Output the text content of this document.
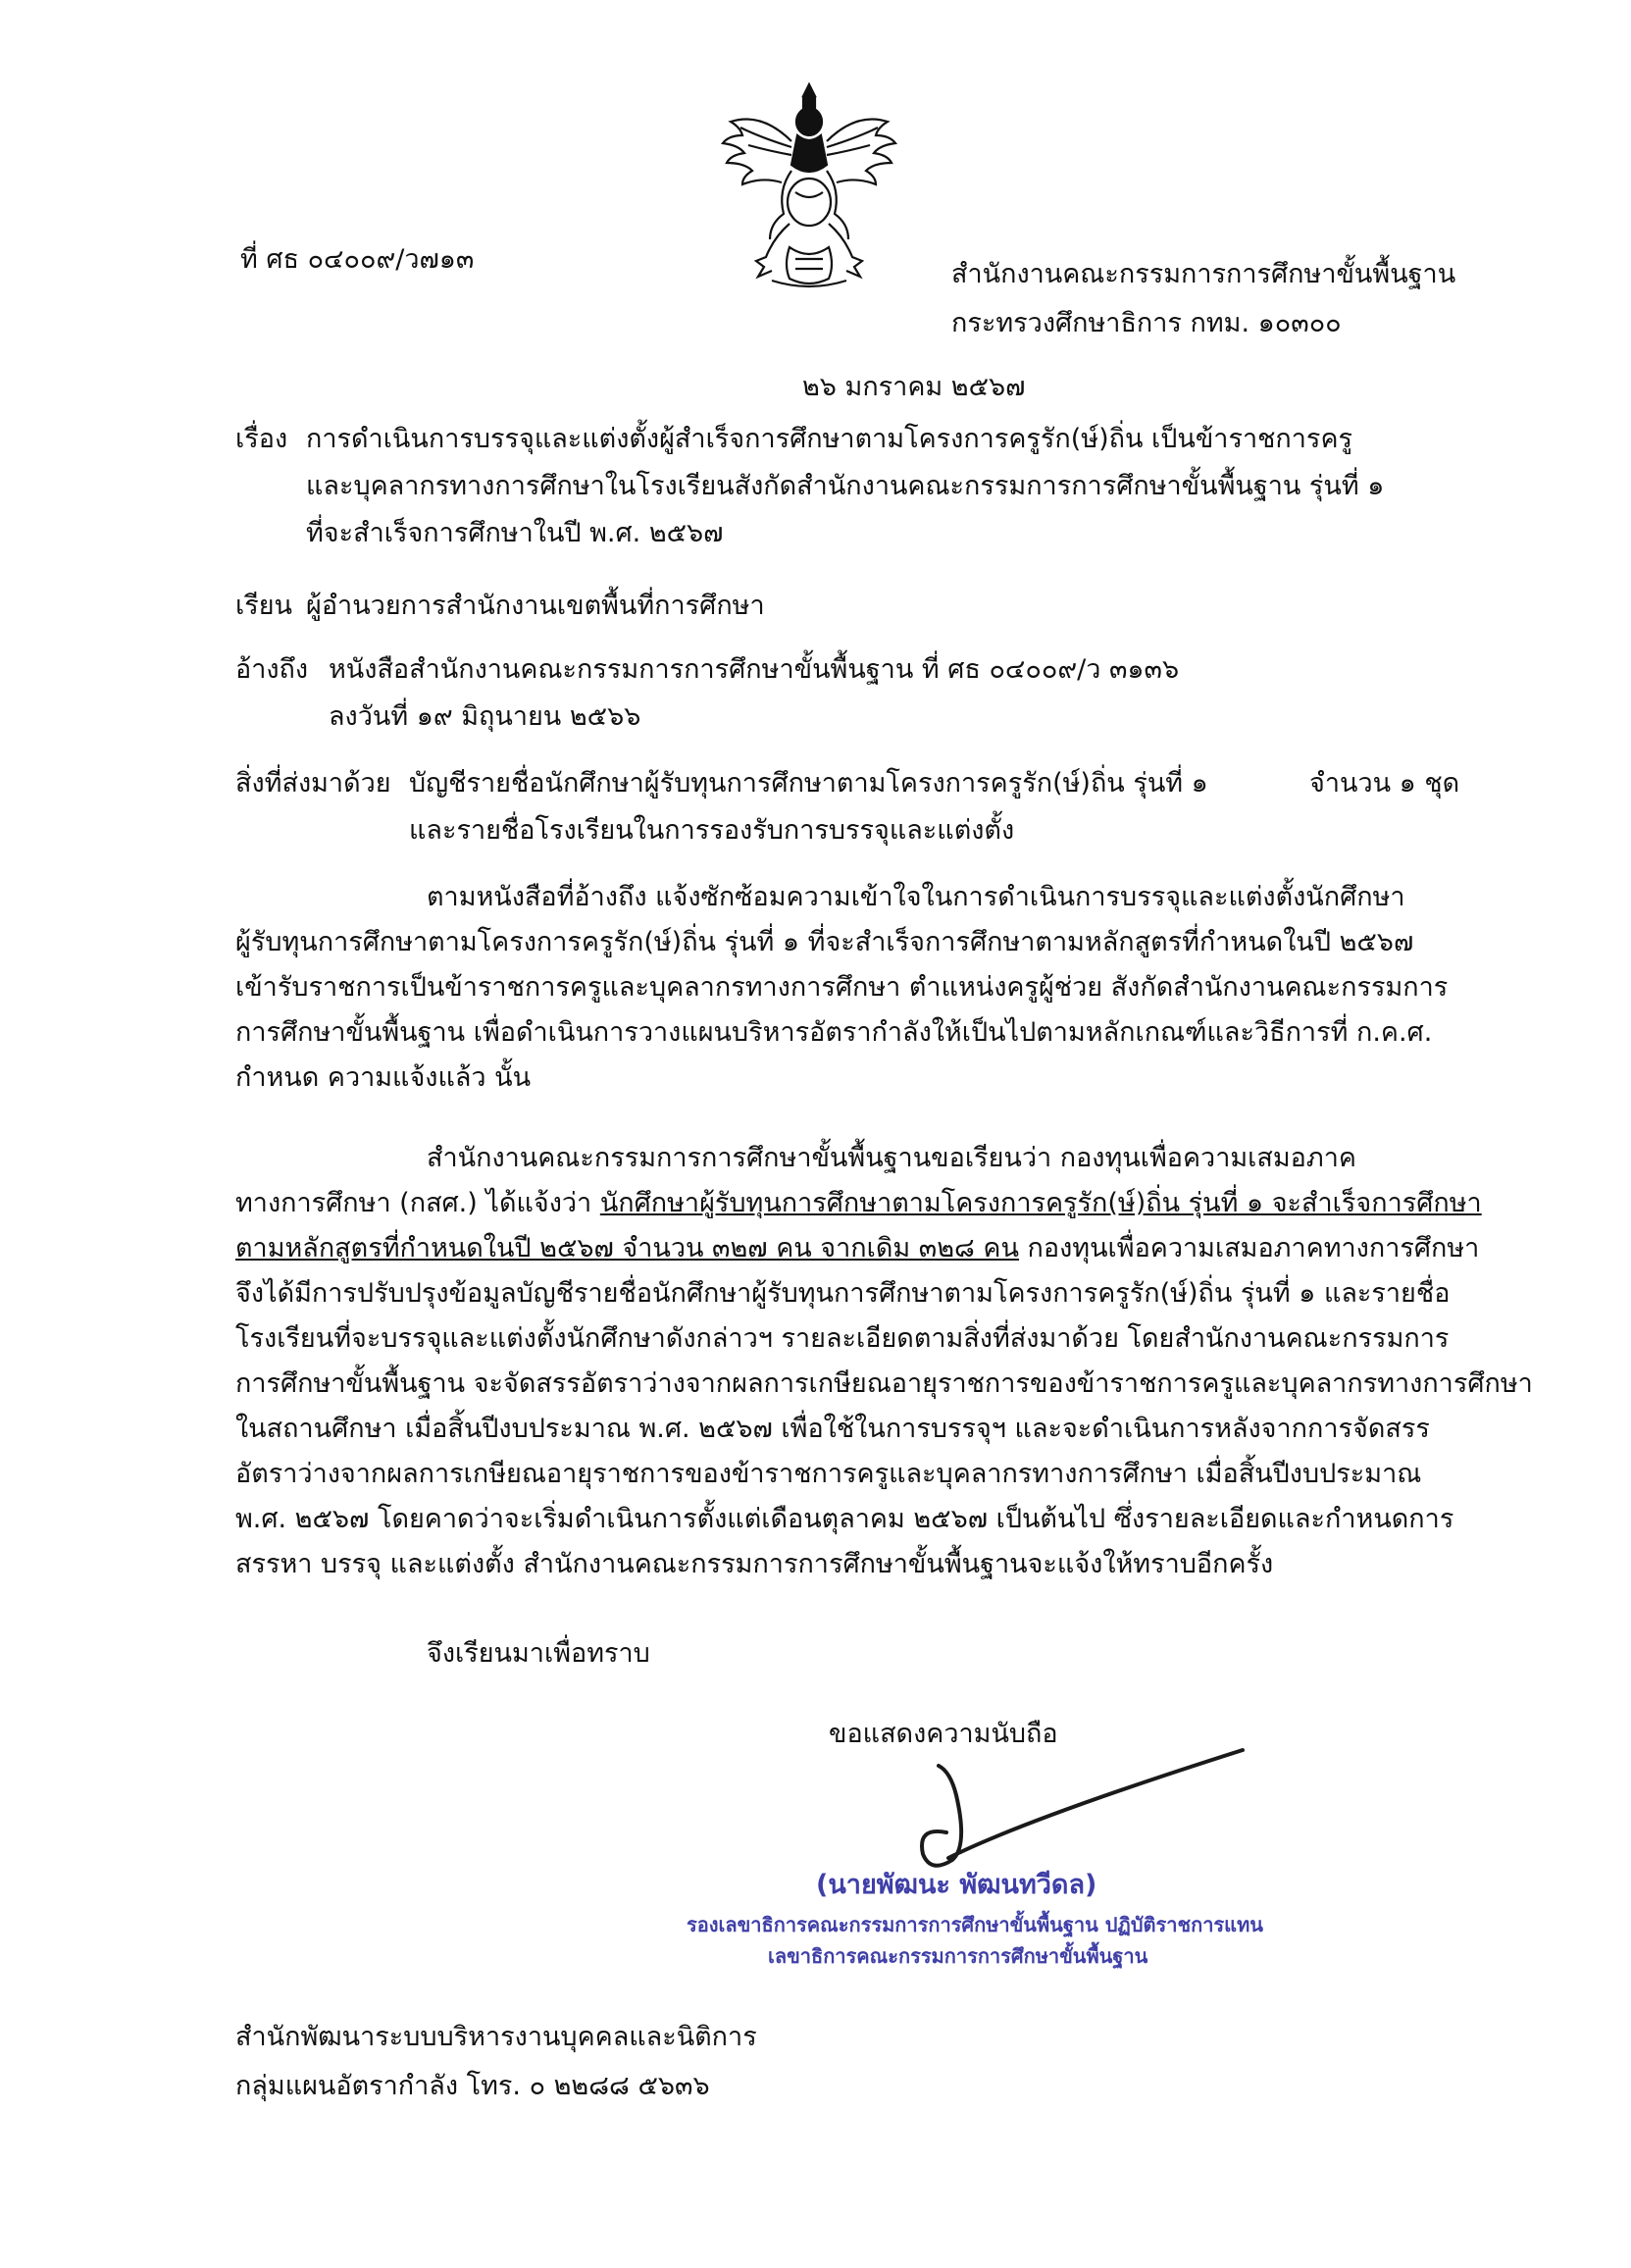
ที่ ศธ ๐๔๐๐๙/ว๗๑๓	สำนักงานคณะกรรมการการศึกษาขั้นพื้นฐาน

กระทรวงศึกษาธิการ กทม. ๑๐๓๐๐

๒๖ มกราคม ๒๕๖๗

เรื่อง การดำเนินการบรรจุและแต่งตั้งผู้สำเร็จการศึกษาตามโครงการครูรัก(ษ์)ถิ่น เป็นข้าราชการครู

และบุคลากรทางการศึกษาในโรงเรียนสังกัดสำนักงานคณะกรรมการการศึกษาขั้นพื้นฐาน รุ่นที่ ๑

ที่จะสำเร็จการศึกษาในปี พ.ศ. ๒๕๖๗

เรียน ผู้อำนวยการสำนักงานเขตพื้นที่การศึกษา

อ้างถึง หนังสือสำนักงานคณะกรรมการการศึกษาขั้นพื้นฐาน ที่ ศธ ๐๔๐๐๙/ว ๓๑๓๖

ลงวันที่ ๑๙ มิถุนายน ๒๕๖๖

สิ่งที่ส่งมาด้วย บัญชีรายชื่อนักศึกษาผู้รับทุนการศึกษาตามโครงการครูรัก(ษ์)ถิ่น รุ่นที่ ๑	จำนวน ๑ ชุด

และรายชื่อโรงเรียนในการรองรับการบรรจุและแต่งตั้ง

ตามหนังสือที่อ้างถึง แจ้งซักซ้อมความเข้าใจในการดำเนินการบรรจุและแต่งตั้งนักศึกษา

ผู้รับทุนการศึกษาตามโครงการครูรัก(ษ์)ถิ่น รุ่นที่ ๑ ที่จะสำเร็จการศึกษาตามหลักสูตรที่กำหนดในปี ๒๕๖๗

เข้ารับราชการเป็นข้าราชการครูและบุคลากรทางการศึกษา ตำแหน่งครูผู้ช่วย สังกัดสำนักงานคณะกรรมการ

การศึกษาขั้นพื้นฐาน เพื่อดำเนินการวางแผนบริหารอัตรากำลังให้เป็นไปตามหลักเกณฑ์และวิธีการที่ ก.ค.ศ.

กำหนด ความแจ้งแล้ว นั้น

สำนักงานคณะกรรมการการศึกษาขั้นพื้นฐานขอเรียนว่า กองทุนเพื่อความเสมอภาค

ทางการศึกษา (กสศ.) ได้แจ้งว่า นักศึกษาผู้รับทุนการศึกษาตามโครงการครูรัก(ษ์)ถิ่น รุ่นที่ ๑ จะสำเร็จการศึกษา

ตามหลักสูตรที่กำหนดในปี ๒๕๖๗ จำนวน ๓๒๗ คน จากเดิม ๓๒๘ คน กองทุนเพื่อความเสมอภาคทางการศึกษา

จึงได้มีการปรับปรุงข้อมูลบัญชีรายชื่อนักศึกษาผู้รับทุนการศึกษาตามโครงการครูรัก(ษ์)ถิ่น รุ่นที่ ๑ และรายชื่อ

โรงเรียนที่จะบรรจุและแต่งตั้งนักศึกษาดังกล่าวฯ รายละเอียดตามสิ่งที่ส่งมาด้วย โดยสำนักงานคณะกรรมการ

การศึกษาขั้นพื้นฐาน จะจัดสรรอัตราว่างจากผลการเกษียณอายุราชการของข้าราชการครูและบุคลากรทางการศึกษา

ในสถานศึกษา เมื่อสิ้นปีงบประมาณ พ.ศ. ๒๕๖๗ เพื่อใช้ในการบรรจุฯ และจะดำเนินการหลังจากการจัดสรร

อัตราว่างจากผลการเกษียณอายุราชการของข้าราชการครูและบุคลากรทางการศึกษา เมื่อสิ้นปีงบประมาณ

พ.ศ. ๒๕๖๗ โดยคาดว่าจะเริ่มดำเนินการตั้งแต่เดือนตุลาคม ๒๕๖๗ เป็นต้นไป ซึ่งรายละเอียดและกำหนดการ

สรรหา บรรจุ และแต่งตั้ง สำนักงานคณะกรรมการการศึกษาขั้นพื้นฐานจะแจ้งให้ทราบอีกครั้ง

จึงเรียนมาเพื่อทราบ

ขอแสดงความนับถือ

(นายพัฒนะ พัฒนทวีดล)

รองเลขาธิการคณะกรรมการการศึกษาขั้นพื้นฐาน ปฏิบัติราชการแทน

เลขาธิการคณะกรรมการการศึกษาขั้นพื้นฐาน

สำนักพัฒนาระบบบริหารงานบุคคลและนิติการ

กลุ่มแผนอัตรากำลัง โทร. ๐ ๒๒๘๘ ๕๖๓๖
